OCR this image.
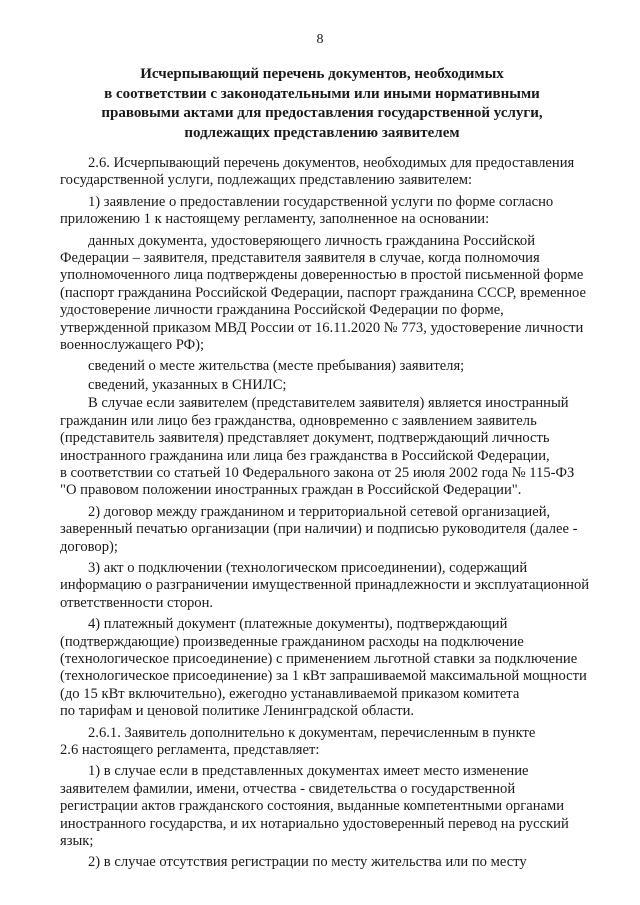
8
Исчерпывающий перечень документов, необходимых
в соответствии с законодательными или иными нормативными
правовыми актами для предоставления государственной услуги,
подлежащих представлению заявителем

2.6. Исчерпывающий перечень документов, необходимых для предоставления
государственной услуги, подлежащих представлению заявителем:

1) заявление о предоставлении государственной услуги по форме согласно
приложению 1 к настоящему регламенту, заполненное на основании:

данных документа, удостоверяющего личность гражданина Российской
Федерации – заявителя, представителя заявителя в случае, когда полномочия
уполномоченного лица подтверждены доверенностью в простой письменной форме
(паспорт гражданина Российской Федерации, паспорт гражданина СССР, временное
удостоверение личности гражданина Российской Федерации по форме,
утвержденной приказом МВД России от 16.11.2020 № 773, удостоверение личности
военнослужащего РФ);

сведений о месте жительства (месте пребывания) заявителя;

сведений, указанных в СНИЛС;

В случае если заявителем (представителем заявителя) является иностранный
гражданин или лицо без гражданства, одновременно с заявлением заявитель
(представитель заявителя) представляет документ, подтверждающий личность
иностранного гражданина или лица без гражданства в Российской Федерации,
в соответствии со статьей 10 Федерального закона от 25 июля 2002 года № 115-ФЗ
"О правовом положении иностранных граждан в Российской Федерации".

2) договор между гражданином и территориальной сетевой организацией,
заверенный печатью организации (при наличии) и подписью руководителя (далее -
договор);

3) акт о подключении (технологическом присоединении), содержащий
информацию о разграничении имущественной принадлежности и эксплуатационной
ответственности сторон.

4) платежный документ (платежные документы), подтверждающий
(подтверждающие) произведенные гражданином расходы на подключение
(технологическое присоединение) с применением льготной ставки за подключение
(технологическое присоединение) за 1 кВт запрашиваемой максимальной мощности
(до 15 кВт включительно), ежегодно устанавливаемой приказом комитета
по тарифам и ценовой политике Ленинградской области.

2.6.1. Заявитель дополнительно к документам, перечисленным в пункте
2.6 настоящего регламента, представляет:

1) в случае если в представленных документах имеет место изменение
заявителем фамилии, имени, отчества - свидетельства о государственной
регистрации актов гражданского состояния, выданные компетентными органами
иностранного государства, и их нотариально удостоверенный перевод на русский
язык;

2) в случае отсутствия регистрации по месту жительства или по месту
